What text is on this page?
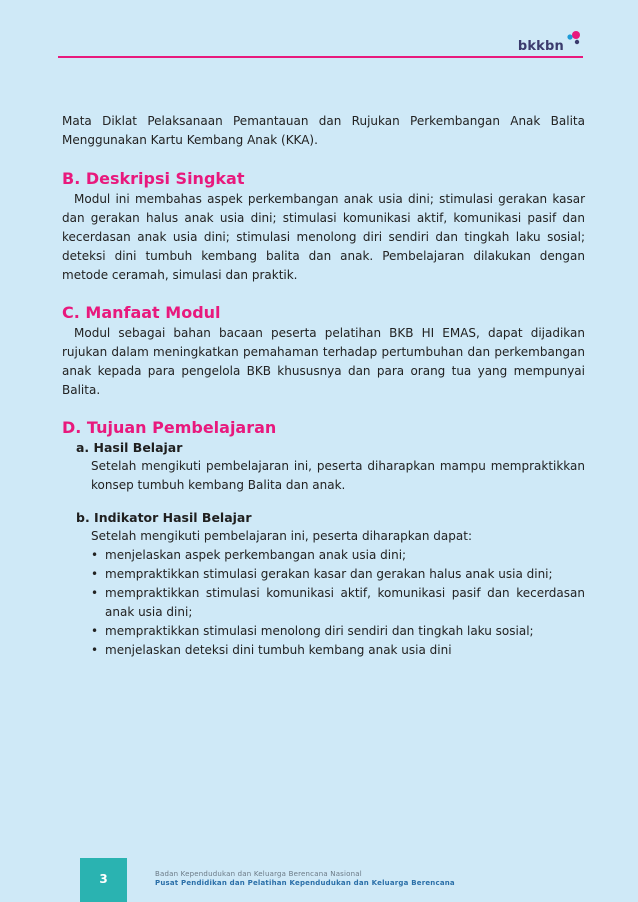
bkkbn

Mata Diklat Pelaksanaan Pemantauan dan Rujukan Perkembangan Anak Balita Menggunakan Kartu Kembang Anak (KKA).

B. Deskripsi Singkat

Modul ini membahas aspek perkembangan anak usia dini; stimulasi gerakan kasar dan gerakan halus anak usia dini; stimulasi komunikasi aktif, komunikasi pasif dan kecerdasan anak usia dini; stimulasi menolong diri sendiri dan tingkah laku sosial; deteksi dini tumbuh kembang balita dan anak. Pembelajaran dilakukan dengan metode ceramah, simulasi dan praktik.

C. Manfaat Modul

Modul sebagai bahan bacaan peserta pelatihan BKB HI EMAS, dapat dijadikan rujukan dalam meningkatkan pemahaman terhadap pertumbuhan dan perkembangan anak kepada para pengelola BKB khususnya dan para orang tua yang mempunyai Balita.

D. Tujuan Pembelajaran
a. Hasil Belajar

Setelah mengikuti pembelajaran ini, peserta diharapkan mampu mempraktikkan konsep tumbuh kembang Balita dan anak.

b. Indikator Hasil Belajar

Setelah mengikuti pembelajaran ini, peserta diharapkan dapat:

• menjelaskan aspek perkembangan anak usia dini;
• mempraktikkan stimulasi gerakan kasar dan gerakan halus anak usia dini;
• mempraktikkan stimulasi komunikasi aktif, komunikasi pasif dan kecerdasan anak usia dini;
• mempraktikkan stimulasi menolong diri sendiri dan tingkah laku sosial;
• menjelaskan deteksi dini tumbuh kembang anak usia dini
3	Badan Kependudukan dan Keluarga Berencana Nasional
Pusat Pendidikan dan Pelatihan Kependudukan dan Keluarga Berencana
